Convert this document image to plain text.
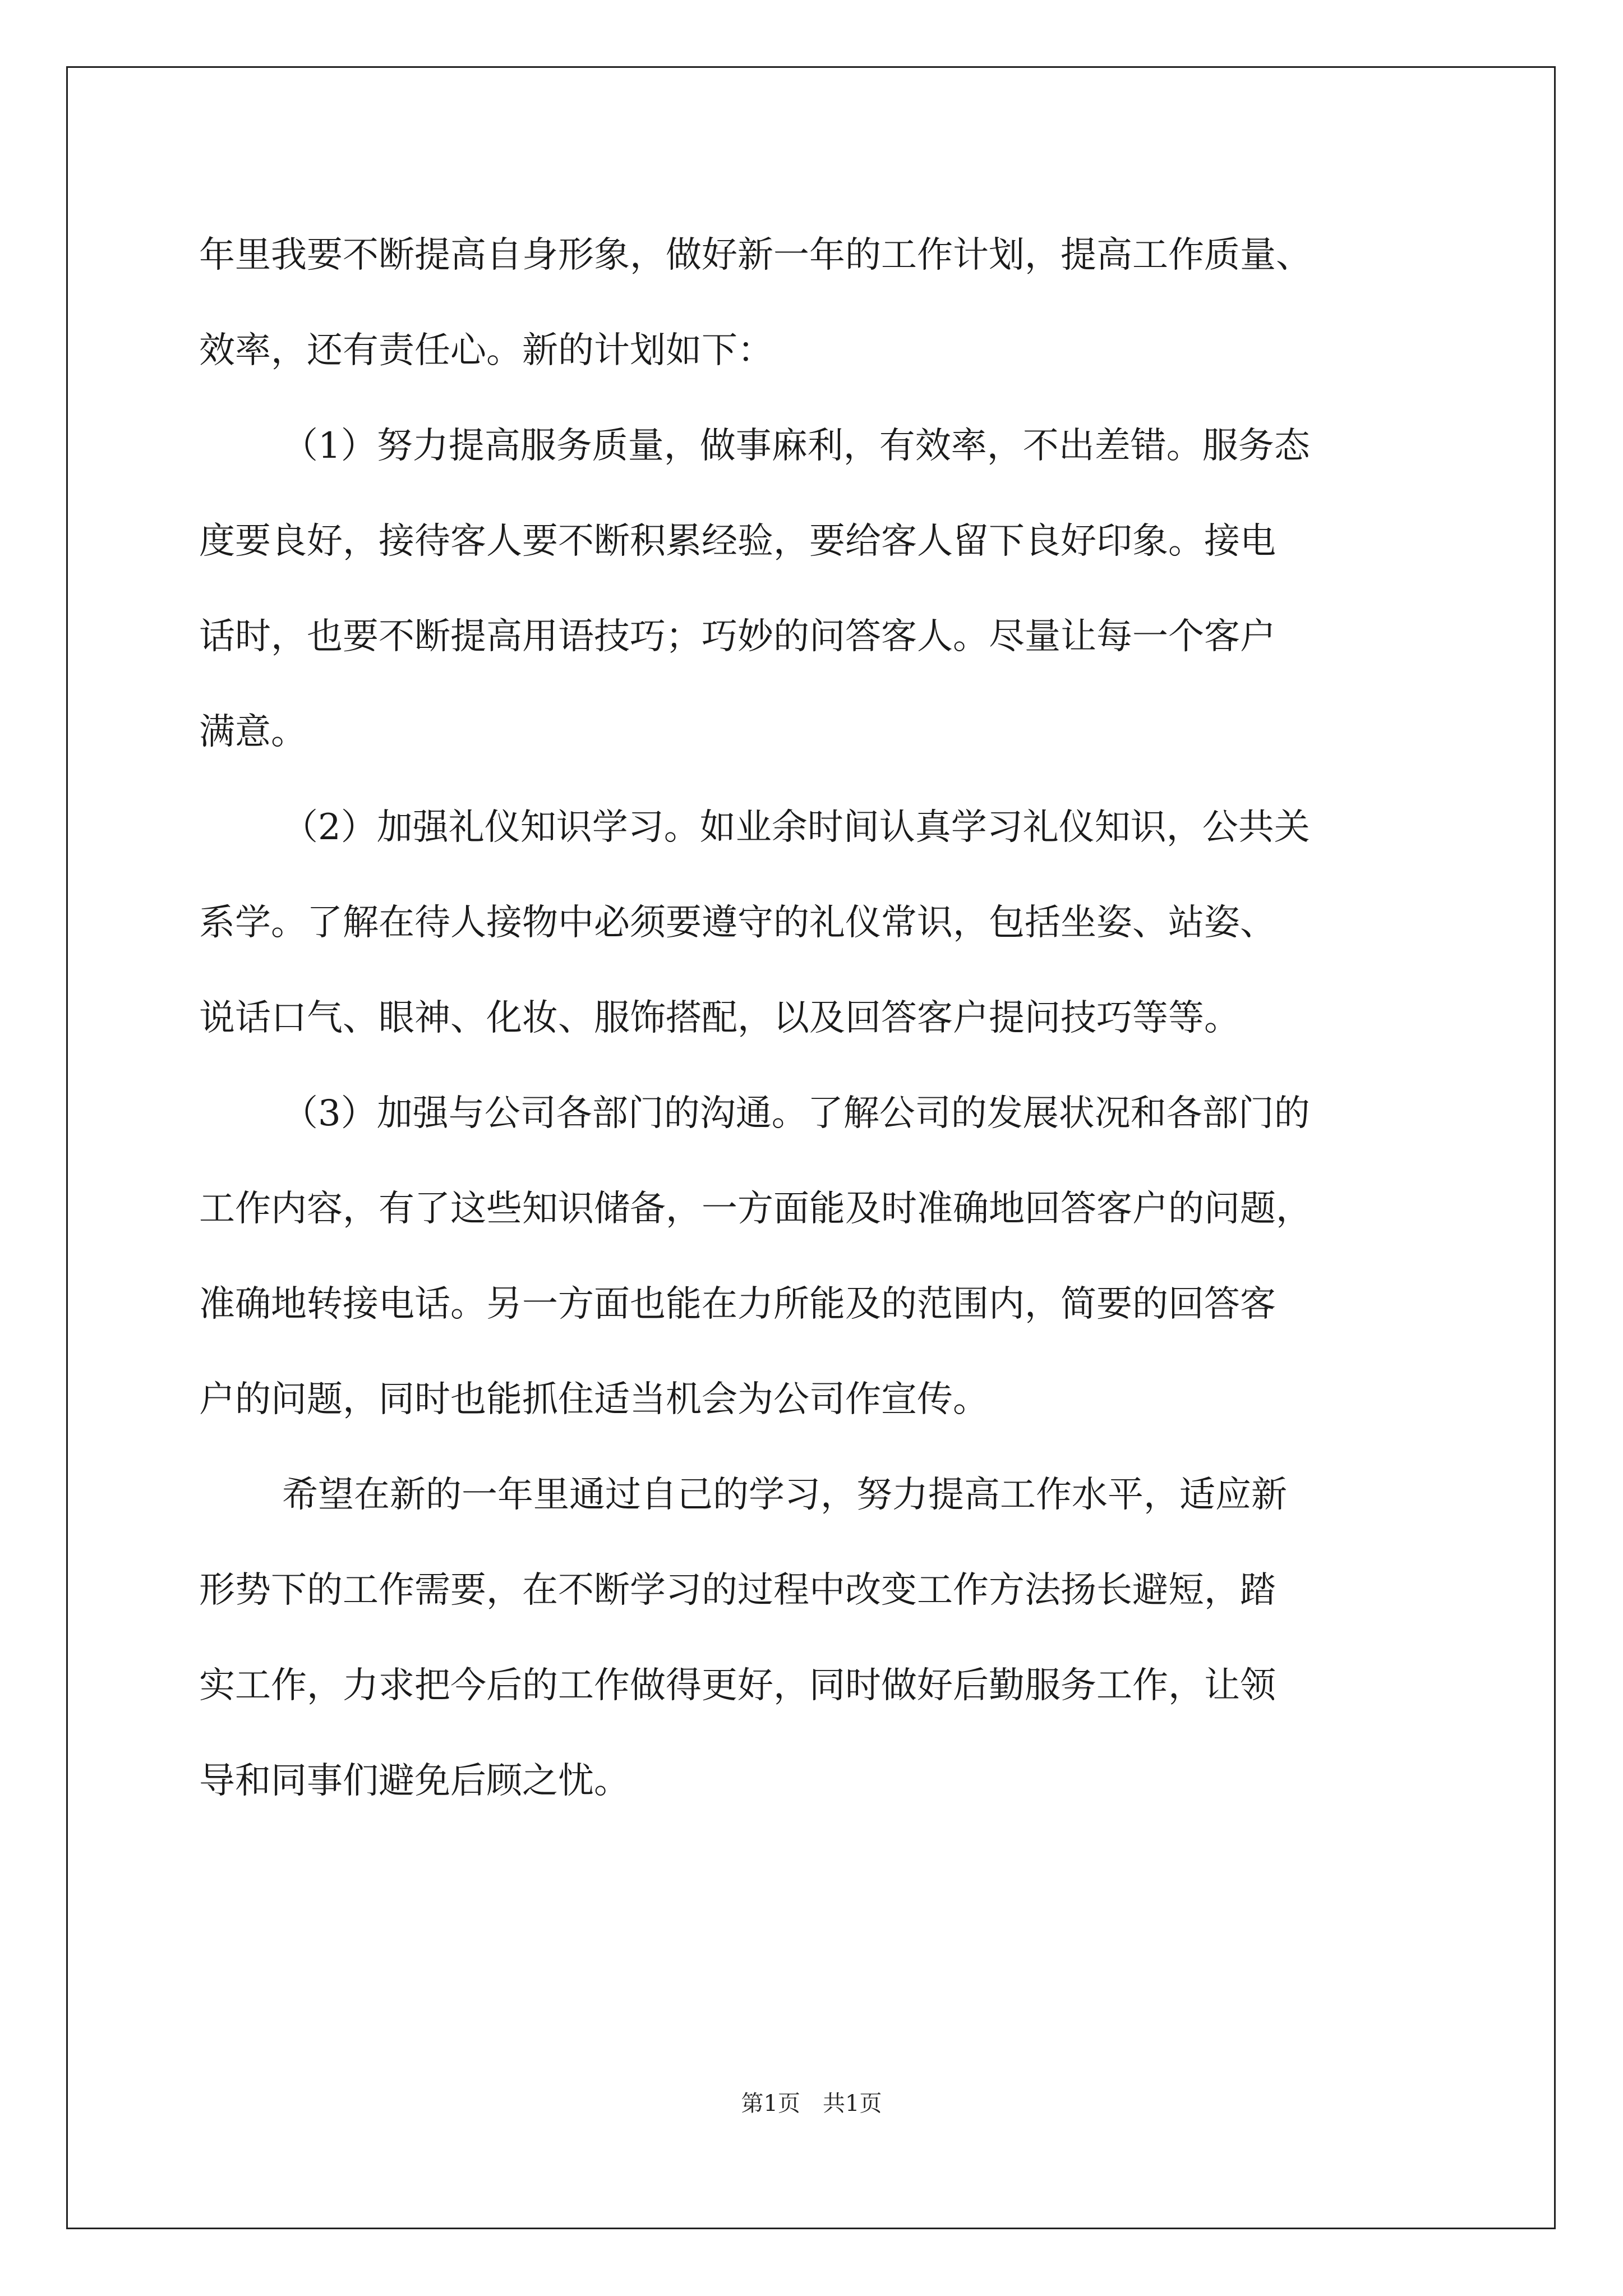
年里我要不断提高自身形象，做好新一年的工作计划，提高工作质量、
效率，还有责任心。新的计划如下：
（1）努力提高服务质量，做事麻利，有效率，不出差错。服务态
度要良好，接待客人要不断积累经验，要给客人留下良好印象。接电
话时，也要不断提高用语技巧；巧妙的问答客人。尽量让每一个客户
满意。
（2）加强礼仪知识学习。如业余时间认真学习礼仪知识，公共关
系学。了解在待人接物中必须要遵守的礼仪常识，包括坐姿、站姿、
说话口气、眼神、化妆、服饰搭配，以及回答客户提问技巧等等。
（3）加强与公司各部门的沟通。了解公司的发展状况和各部门的
工作内容，有了这些知识储备，一方面能及时准确地回答客户的问题，
准确地转接电话。另一方面也能在力所能及的范围内，简要的回答客
户的问题，同时也能抓住适当机会为公司作宣传。
希望在新的一年里通过自己的学习，努力提高工作水平，适应新
形势下的工作需要，在不断学习的过程中改变工作方法扬长避短，踏
实工作，力求把今后的工作做得更好，同时做好后勤服务工作，让领
导和同事们避免后顾之忧。
第1页　共1页
